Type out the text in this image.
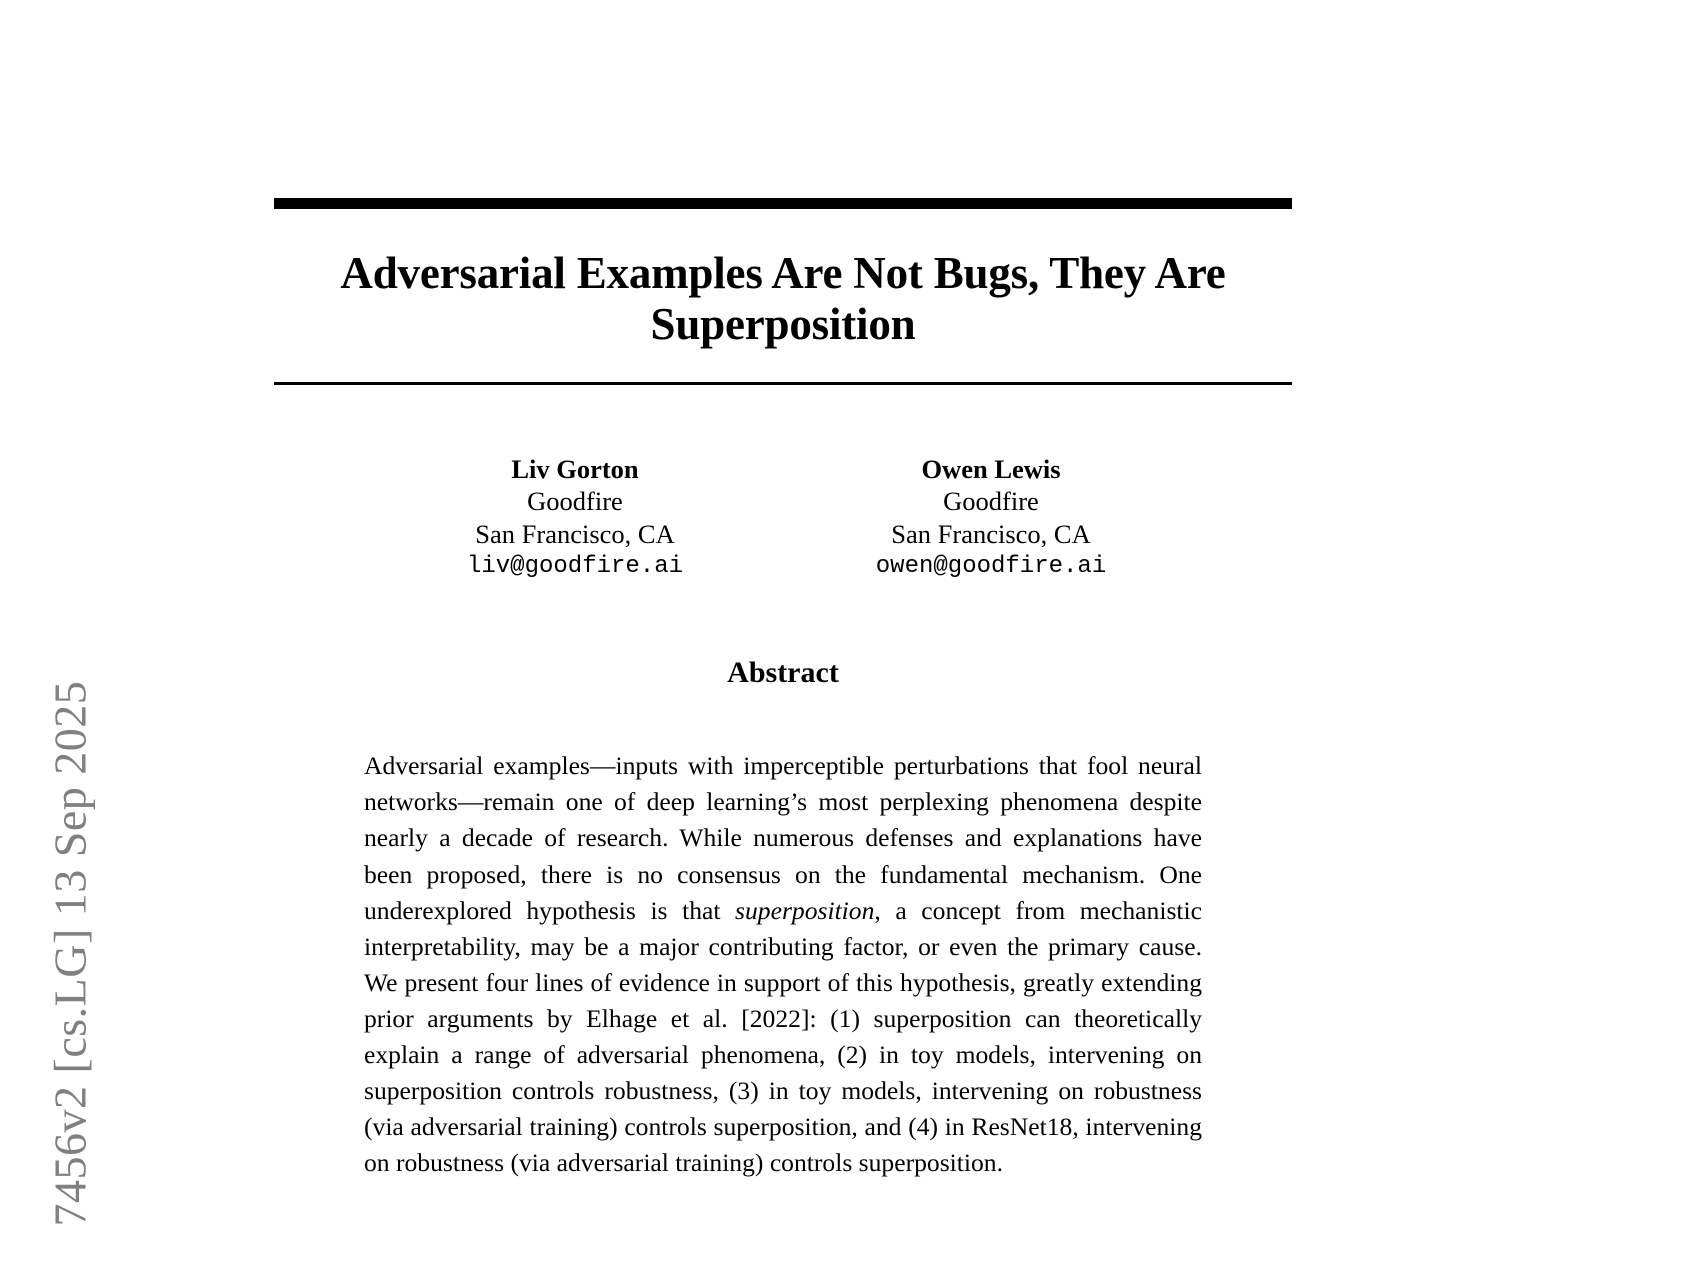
7456v2 [cs.LG] 13 Sep 2025
Adversarial Examples Are Not Bugs, They Are Superposition
Liv Gorton
Goodfire
San Francisco, CA
liv@goodfire.ai
Owen Lewis
Goodfire
San Francisco, CA
owen@goodfire.ai
Abstract
Adversarial examples—inputs with imperceptible perturbations that fool neural networks—remain one of deep learning’s most perplexing phenomena despite nearly a decade of research. While numerous defenses and explanations have been proposed, there is no consensus on the fundamental mechanism. One underexplored hypothesis is that superposition, a concept from mechanistic interpretability, may be a major contributing factor, or even the primary cause. We present four lines of evidence in support of this hypothesis, greatly extending prior arguments by Elhage et al. [2022]: (1) superposition can theoretically explain a range of adversarial phenomena, (2) in toy models, intervening on superposition controls robustness, (3) in toy models, intervening on robustness (via adversarial training) controls superposition, and (4) in ResNet18, intervening on robustness (via adversarial training) controls superposition.
